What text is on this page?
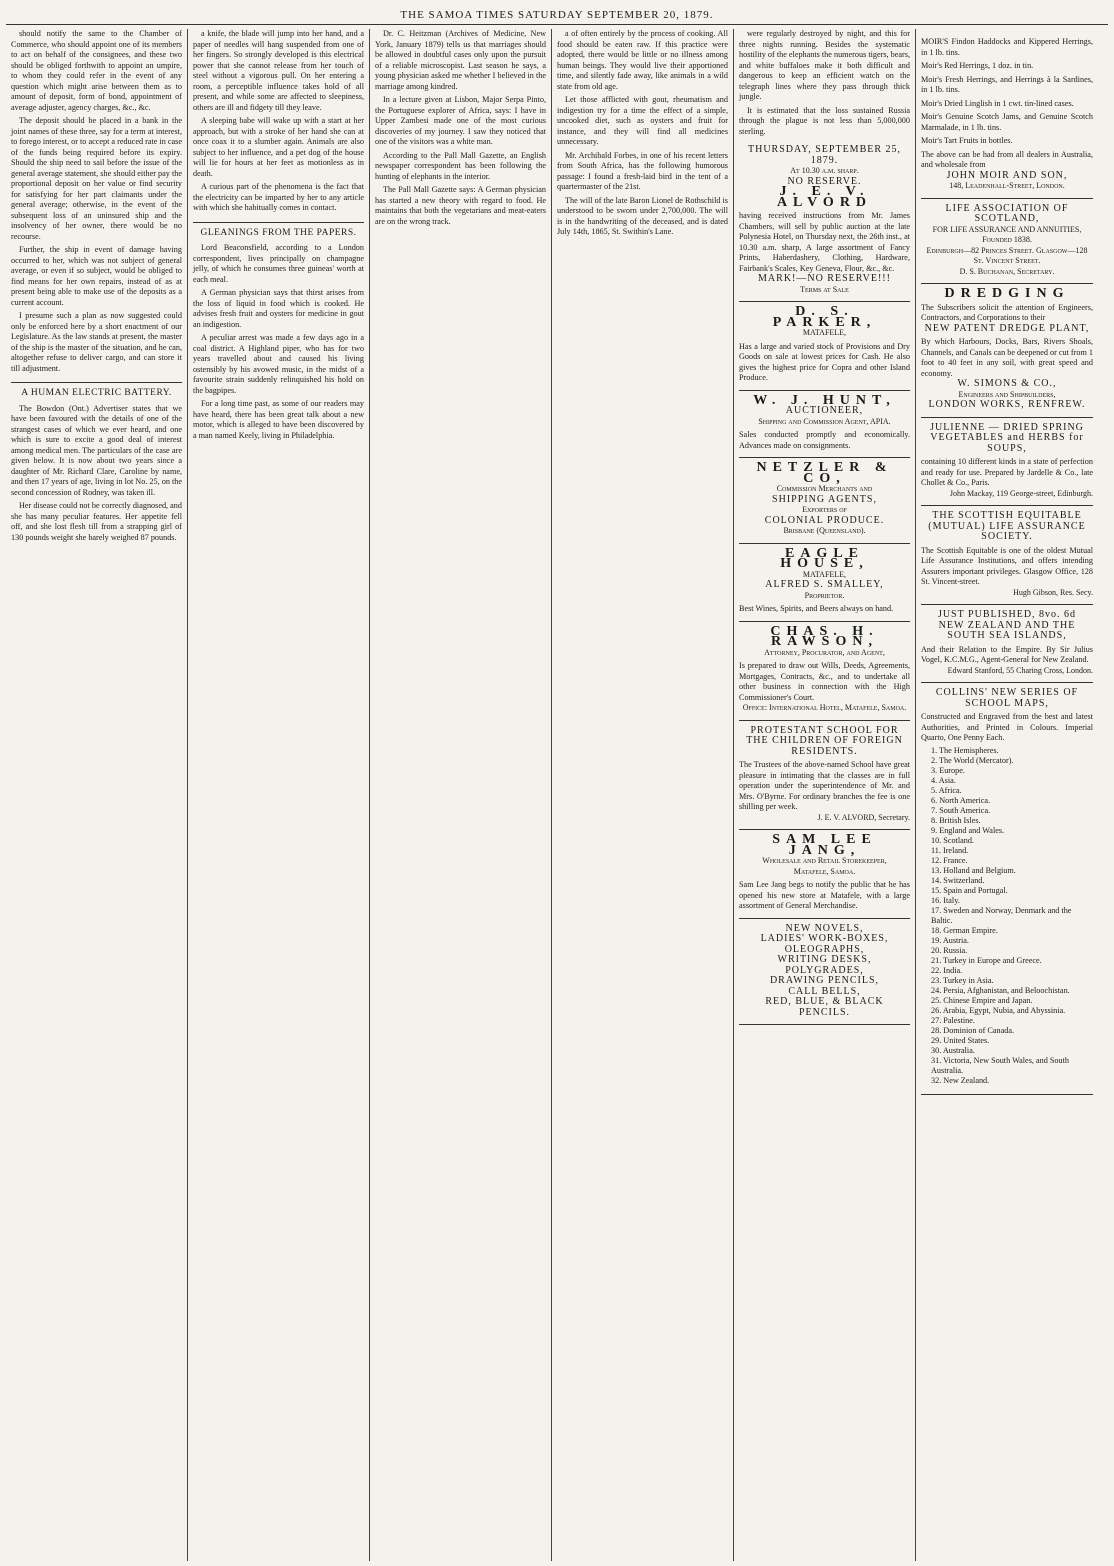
THE SAMOA TIMES SATURDAY SEPTEMBER 20, 1879.

should notify the same to the Chamber of Commerce, who should appoint one of its members to act on behalf of the consignees, and these two should be obliged forthwith to appoint an umpire, to whom they could refer in the event of any question which might arise between them as to amount of deposit, form of bond, appointment of average adjuster, agency charges, &c., &c.

The deposit should be placed in a bank in the joint names of these three, say for a term at interest, to forego interest, or to accept a reduced rate in case of the funds being required before its expiry. Should the ship need to sail before the issue of the general average statement, she should either pay the proportional deposit on her value or find security for satisfying for her part claimants under the general average; otherwise, in the event of the subsequent loss of an uninsured ship and the insolvency of her owner, there would be no recourse.

Further, the ship in event of damage having occurred to her, which was not subject of general average, or even if so subject, would be obliged to find means for her own repairs, instead of as at present being able to make use of the deposits as a current account.

I presume such a plan as now suggested could only be enforced here by a short enactment of our Legislature. As the law stands at present, the master of the ship is the master of the situation, and he can, altogether refuse to deliver cargo, and can store it till adjustment.

A HUMAN ELECTRIC BATTERY.

The Bowdon (Ont.) Advertiser states that we have been favoured with the details of one of the strangest cases of which we ever heard, and one which is sure to excite a good deal of interest among medical men. The particulars of the case are given below. It is now about two years since a daughter of Mr. Richard Clare, Caroline by name, and then 17 years of age, living in lot No. 25, on the second concession of Rodney, was taken ill.

Her disease could not be correctly diagnosed, and she has many peculiar features. Her appetite fell off, and she lost flesh till from a strapping girl of 130 pounds weight she barely weighed 87 pounds.

a knife, the blade will jump into her hand, and a paper of needles will hang suspended from one of her fingers. So strongly developed is this electrical power that she cannot release from her touch of steel without a vigorous pull. On her entering a room, a perceptible influence takes hold of all present, and while some are affected to sleepiness, others are ill and fidgety till they leave.

A sleeping babe will wake up with a start at her approach, but with a stroke of her hand she can at once coax it to a slumber again. Animals are also subject to her influence, and a pet dog of the house will lie for hours at her feet as motionless as in death.

A curious part of the phenomena is the fact that the electricity can be imparted by her to any article with which she habitually comes in contact.

GLEANINGS FROM THE PAPERS.

Lord Beaconsfield, according to a London correspondent, lives principally on champagne jelly, of which he consumes three guineas' worth at each meal.

A German physician says that thirst arises from the loss of liquid in food which is cooked. He advises fresh fruit and oysters for medicine in gout an indigestion.

A peculiar arrest was made a few days ago in a coal district. A Highland piper, who has for two years travelled about and caused his living ostensibly by his avowed music, in the midst of a favourite strain suddenly relinquished his hold on the bagpipes.

For a long time past, as some of our readers may have heard, there has been great talk about a new motor, which is alleged to have been discovered by a man named Keely, living in Philadelphia.

Dr. C. Heitzman (Archives of Medicine, New York, January 1879) tells us that marriages should be allowed in doubtful cases only upon the pursuit of a reliable microscopist. Last season he says, a young physician asked me whether I believed in the marriage among kindred.

In a lecture given at Lisbon, Major Serpa Pinto, the Portuguese explorer of Africa, says: I have in Upper Zambesi made one of the most curious discoveries of my journey. I saw they noticed that one of the visitors was a white man.

According to the Pall Mall Gazette, an English newspaper correspondent has been following the hunting of elephants in the interior.

The Pall Mall Gazette says: A German physician has started a new theory with regard to food. He maintains that both the vegetarians and meat-eaters are on the wrong track.

a of often entirely by the process of cooking. All food should be eaten raw. If this practice were adopted, there would be little or no illness among human beings. They would live their apportioned time, and silently fade away, like animals in a wild state from old age.

Let those afflicted with gout, rheumatism and indigestion try for a time the effect of a simple, uncooked diet, such as oysters and fruit for instance, and they will find all medicines unnecessary.

Mr. Archibald Forbes, in one of his recent letters from South Africa, has the following humorous passage: I found a fresh-laid bird in the tent of a quartermaster of the 21st.

The will of the late Baron Lionel de Rothschild is understood to be sworn under 2,700,000. The will is in the handwriting of the deceased, and is dated July 14th, 1865, St. Swithin's Lane.

were regularly destroyed by night, and this for three nights running. Besides the systematic hostility of the elephants the numerous tigers, bears, and white buffaloes make it both difficult and dangerous to keep an efficient watch on the telegraph lines where they pass through thick jungle.

It is estimated that the loss sustained Russia through the plague is not less than 5,000,000 sterling.

THURSDAY, SEPTEMBER 25, 1879.
At 10.30 a.m. sharp.
NO RESERVE.
J. E. V. ALVORD
having received instructions from Mr. James Chambers, will sell by public auction at the late Polynesia Hotel, on Thursday next, the 26th inst., at 10.30 a.m. sharp, A large assortment of Fancy Prints, Haberdashery, Clothing, Hardware, Fairbank's Scales, Key Geneva, Flour, &c., &c.
MARK!—NO RESERVE!!!
Terms at Sale
D. S. PARKER,
MATAFELE,
Has a large and varied stock of Provisions and Dry Goods on sale at lowest prices for Cash. He also gives the highest price for Copra and other Island Produce.
W. J. HUNT,
AUCTIONEER,
Shipping and Commission Agent, APIA.
Sales conducted promptly and economically. Advances made on consignments.
NETZLER & CO,
Commission Merchants and
SHIPPING AGENTS,
Exporters of
COLONIAL PRODUCE.
Brisbane (Queensland).
EAGLE HOUSE,
MATAFELE,
ALFRED S. SMALLEY,
Proprietor.
Best Wines, Spirits, and Beers always on hand.
CHAS. H. RAWSON,
Attorney, Procurator, and Agent,
Is prepared to draw out Wills, Deeds, Agreements, Mortgages, Contracts, &c., and to undertake all other business in connection with the High Commissioner's Court.
Office: International Hotel, Matafele, Samoa.
PROTESTANT SCHOOL FOR THE CHILDREN OF FOREIGN RESIDENTS.
The Trustees of the above-named School have great pleasure in intimating that the classes are in full operation under the superintendence of Mr. and Mrs. O'Byrne. For ordinary branches the fee is one shilling per week.
J. E. V. ALVORD, Secretary.
SAM LEE JANG,
Wholesale and Retail Storekeeper,
Matafele, Samoa.
Sam Lee Jang begs to notify the public that he has opened his new store at Matafele, with a large assortment of General Merchandise.
NEW NOVELS,
LADIES' WORK-BOXES,
OLEOGRAPHS,
WRITING DESKS,
POLYGRADES,
DRAWING PENCILS,
CALL BELLS,
RED, BLUE, & BLACK PENCILS.
MOIR'S Findon Haddocks and Kippered Herrings, in 1 lb. tins.
Moir's Red Herrings, 1 doz. in tin.
Moir's Fresh Herrings, and Herrings à la Sardines, in 1 lb. tins.
Moir's Dried Linglish in 1 cwt. tin-lined cases.
Moir's Genuine Scotch Jams, and Genuine Scotch Marmalade, in 1 lb. tins.
Moir's Tart Fruits in bottles.
The above can be had from all dealers in Australia, and wholesale from
JOHN MOIR AND SON,
148, Leadenhall-Street, London.
LIFE ASSOCIATION OF SCOTLAND,
FOR LIFE ASSURANCE AND ANNUITIES, Founded 1838.
Edinburgh—82 Princes Street. Glasgow—128 St. Vincent Street.
D. S. Buchanan, Secretary.
DREDGING
The Subscribers solicit the attention of Engineers, Contractors, and Corporations to their
NEW PATENT DREDGE PLANT,
By which Harbours, Docks, Bars, Rivers Shoals, Channels, and Canals can be deepened or cut from 1 foot to 40 feet in any soil, with great speed and economy.
W. SIMONS & CO.,
Engineers and Shipbuilders,
LONDON WORKS, RENFREW.
JULIENNE — DRIED SPRING VEGETABLES and HERBS for SOUPS,
containing 10 different kinds in a state of perfection and ready for use. Prepared by Jardelle & Co., late Chollet & Co., Paris.
John Mackay, 119 George-street, Edinburgh.
THE SCOTTISH EQUITABLE (MUTUAL) LIFE ASSURANCE SOCIETY.
The Scottish Equitable is one of the oldest Mutual Life Assurance Institutions, and offers intending Assurers important privileges. Glasgow Office, 128 St. Vincent-street.
Hugh Gibson, Res. Secy.
JUST PUBLISHED, 8vo. 6d
NEW ZEALAND AND THE SOUTH SEA ISLANDS,
And their Relation to the Empire. By Sir Julius Vogel, K.C.M.G., Agent-General for New Zealand.
Edward Stanford, 55 Charing Cross, London.
COLLINS' NEW SERIES OF SCHOOL MAPS,
Constructed and Engraved from the best and latest Authorities, and Printed in Colours. Imperial Quarto, One Penny Each.
1. The Hemispheres.
2. The World (Mercator).
3. Europe.
4. Asia.
5. Africa.
6. North America.
7. South America.
8. British Isles.
9. England and Wales.
10. Scotland.
11. Ireland.
12. France.
13. Holland and Belgium.
14. Switzerland.
15. Spain and Portugal.
16. Italy.
17. Sweden and Norway, Denmark and the Baltic.
18. German Empire.
19. Austria.
20. Russia.
21. Turkey in Europe and Greece.
22. India.
23. Turkey in Asia.
24. Persia, Afghanistan, and Beloochistan.
25. Chinese Empire and Japan.
26. Arabia, Egypt, Nubia, and Abyssinia.
27. Palestine.
28. Dominion of Canada.
29. United States.
30. Australia.
31. Victoria, New South Wales, and South Australia.
32. New Zealand.
